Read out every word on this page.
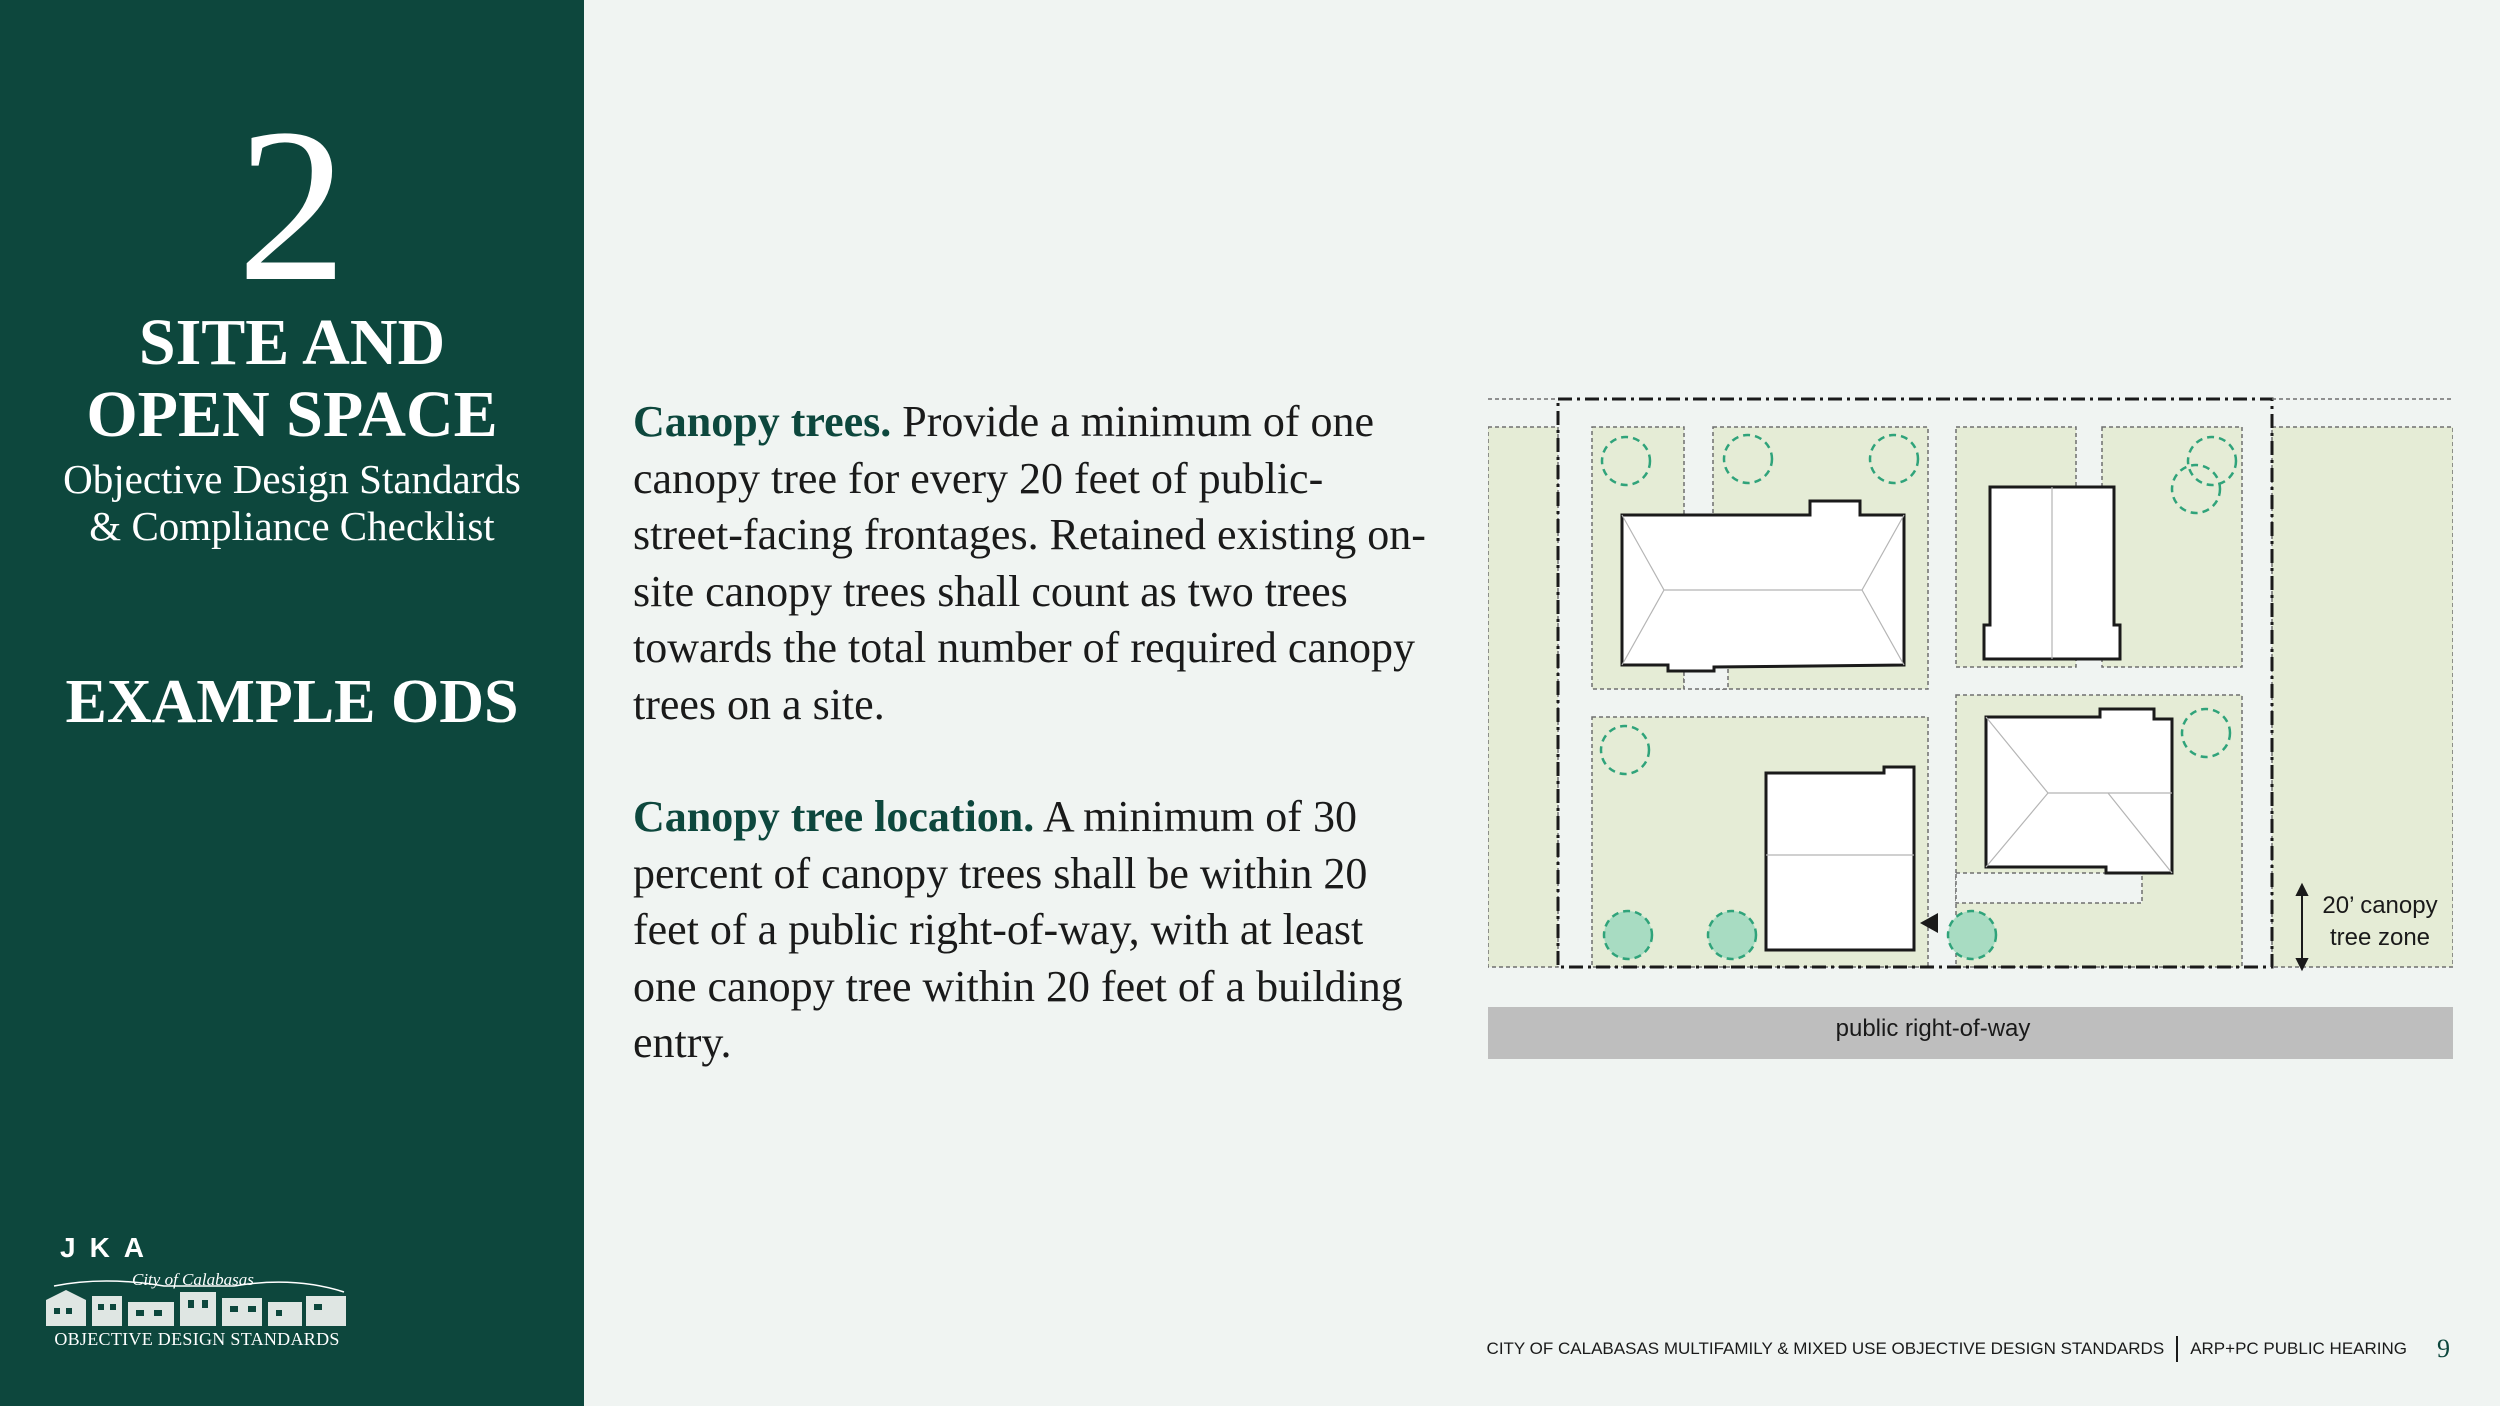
2
SITE AND
OPEN SPACE
Objective Design Standards
& Compliance Checklist
EXAMPLE ODS
JKA
City of Calabasas
OBJECTIVE DESIGN STANDARDS

Canopy trees. Provide a minimum of one canopy tree for every 20 feet of public-street-facing frontages. Retained existing on-site canopy trees shall count as two trees towards the total number of required canopy trees on a site.

Canopy tree location. A minimum of 30 percent of canopy trees shall be within 20 feet of a public right-of-way, with at least one canopy tree within 20 feet of a building entry.

20’ canopy
tree zone
public right-of-way
CITY OF CALABASAS MULTIFAMILY & MIXED USE OBJECTIVE DESIGN STANDARDS ARP+PC PUBLIC HEARING 9
